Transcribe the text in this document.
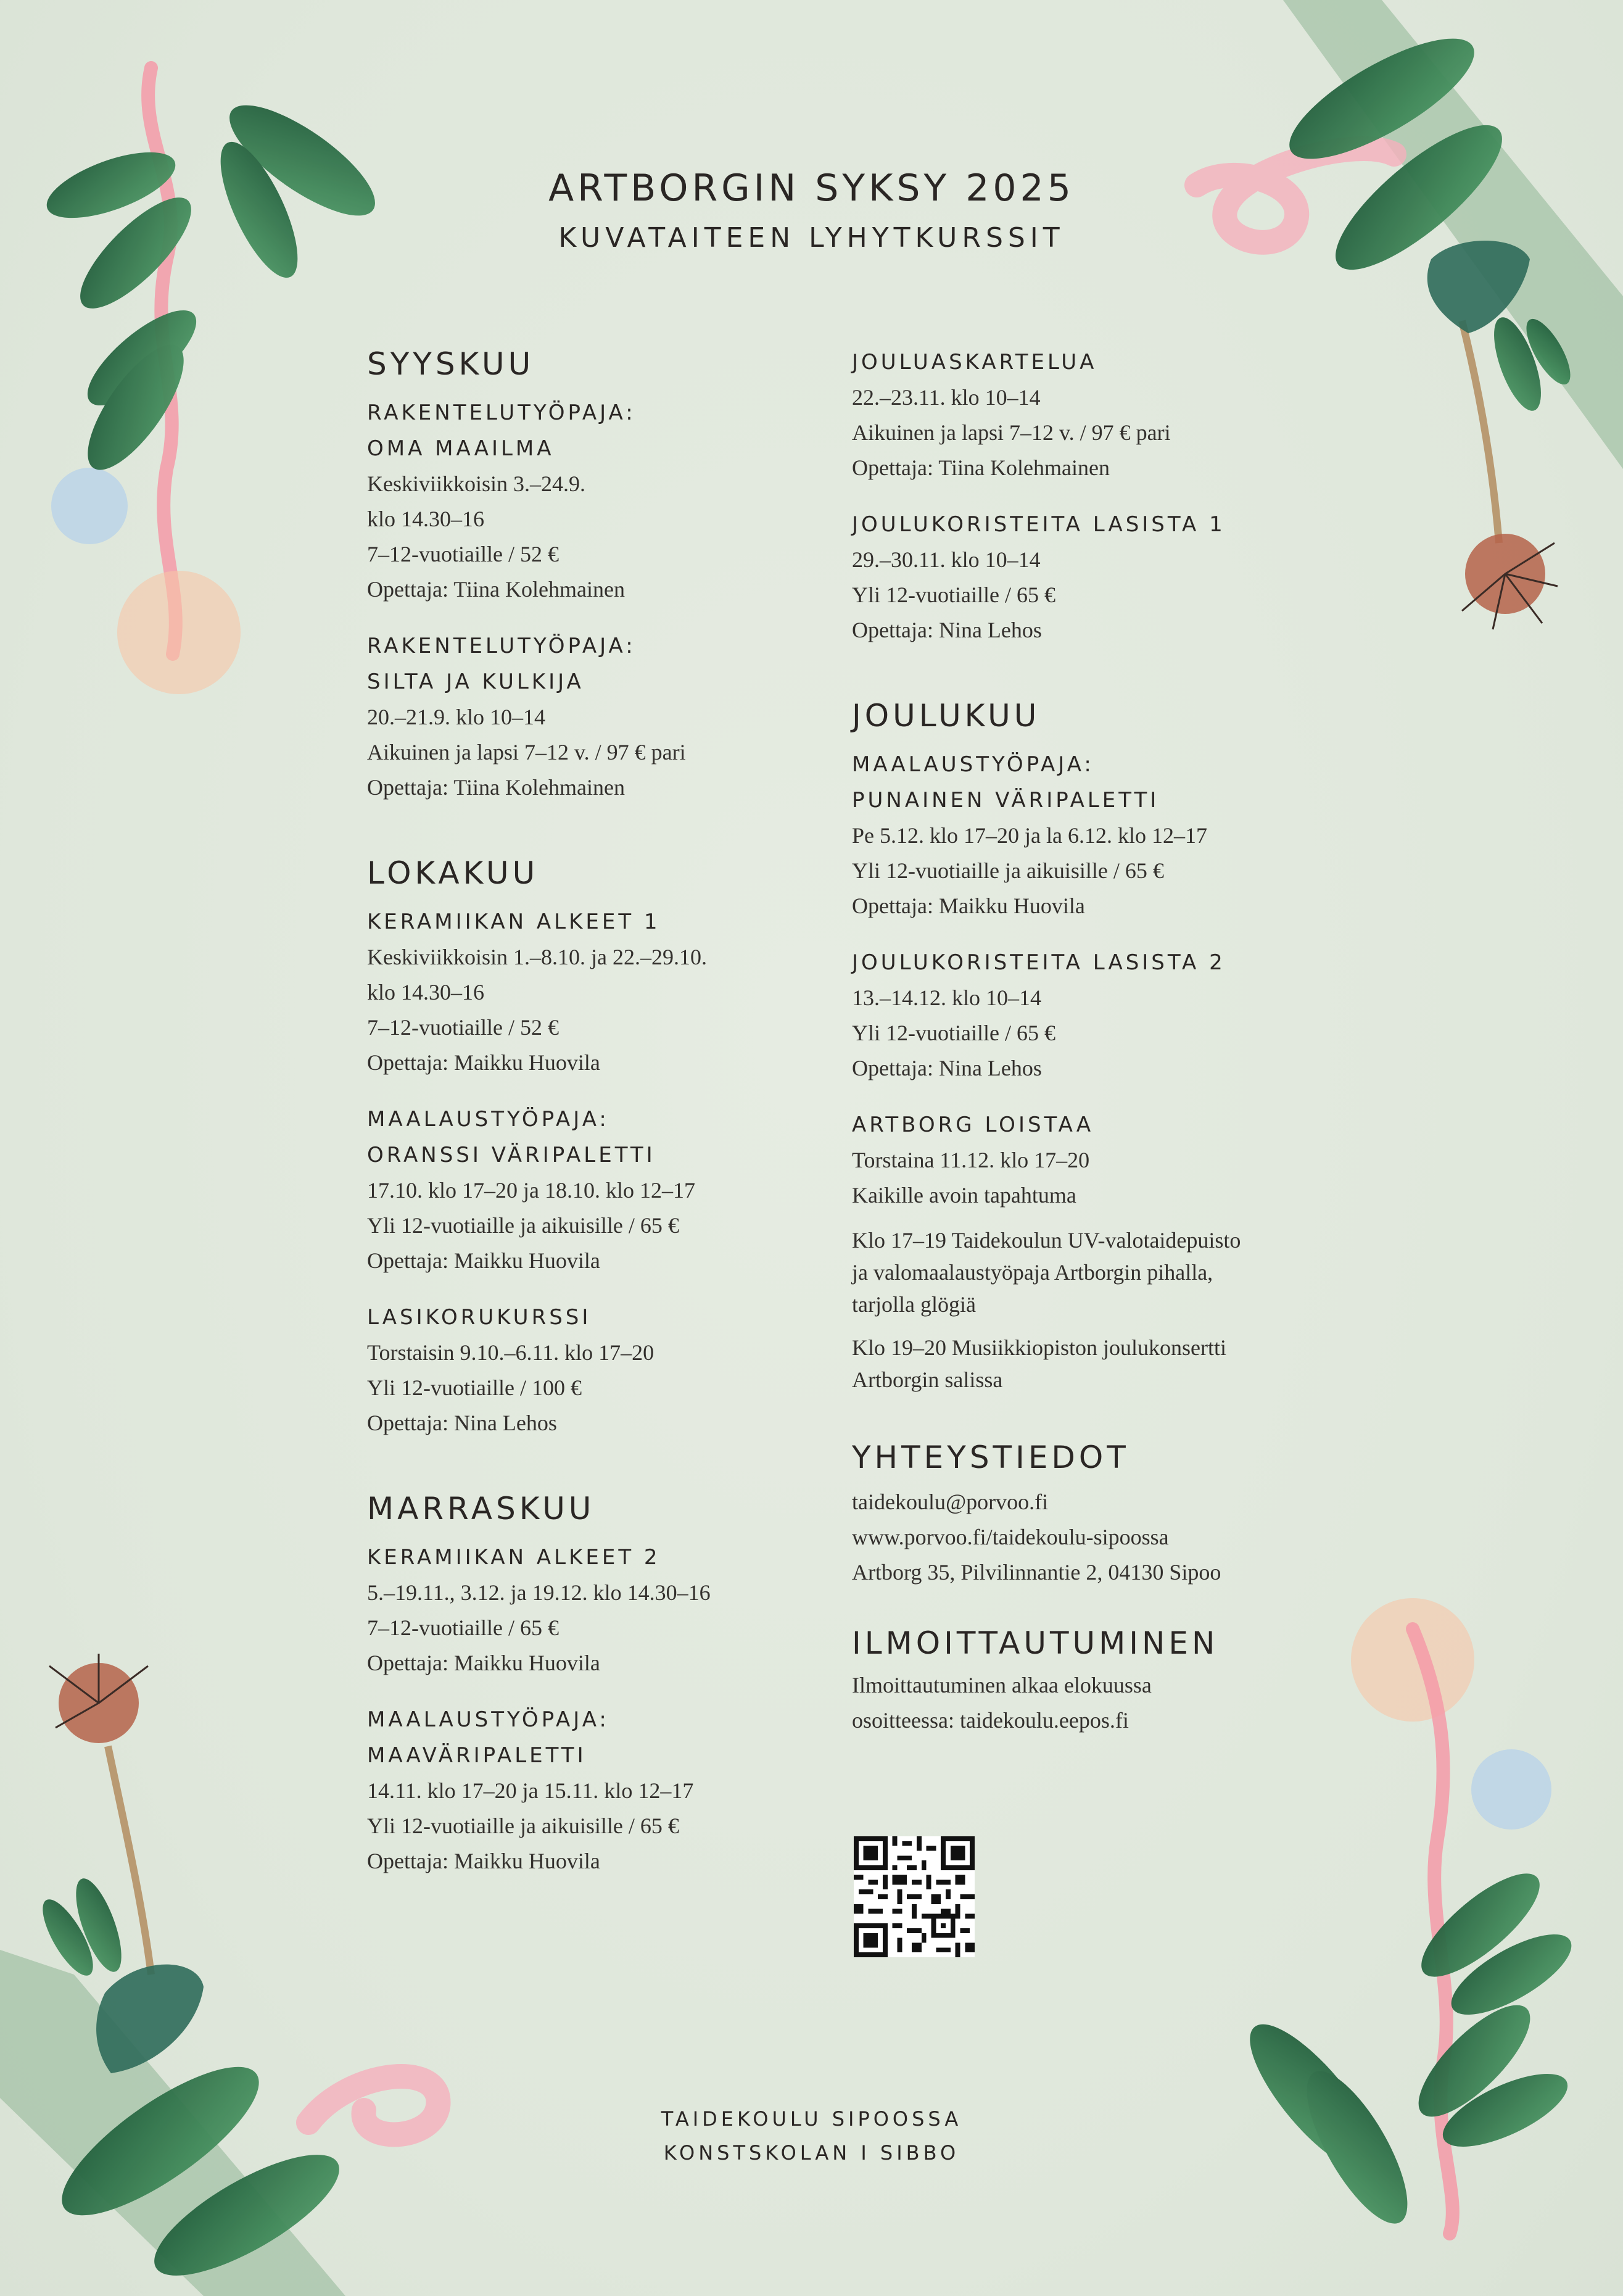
ARTBORGIN SYKSY 2025
KUVATAITEEN LYHYTKURSSIT
SYYSKUU
RAKENTELUTYÖPAJA:
OMA MAAILMA
Keskiviikkoisin 3.–24.9.
klo 14.30–16
7–12-vuotiaille / 52 €
Opettaja: Tiina Kolehmainen
RAKENTELUTYÖPAJA:
SILTA JA KULKIJA
20.–21.9. klo 10–14
Aikuinen ja lapsi 7–12 v. / 97 € pari
Opettaja: Tiina Kolehmainen
LOKAKUU
KERAMIIKAN ALKEET 1
Keskiviikkoisin 1.–8.10. ja 22.–29.10.
klo 14.30–16
7–12-vuotiaille / 52 €
Opettaja: Maikku Huovila
MAALAUSTYÖPAJA:
ORANSSI VÄRIPALETTI
17.10. klo 17–20 ja 18.10. klo 12–17
Yli 12-vuotiaille ja aikuisille / 65 €
Opettaja: Maikku Huovila
LASIKORUKURSSI
Torstaisin 9.10.–6.11. klo 17–20
Yli 12-vuotiaille / 100 €
Opettaja: Nina Lehos
MARRASKUU
KERAMIIKAN ALKEET 2
5.–19.11., 3.12. ja 19.12. klo 14.30–16
7–12-vuotiaille / 65 €
Opettaja: Maikku Huovila
MAALAUSTYÖPAJA:
MAAVÄRIPALETTI
14.11. klo 17–20 ja 15.11. klo 12–17
Yli 12-vuotiaille ja aikuisille / 65 €
Opettaja: Maikku Huovila
JOULUASKARTELUA
22.–23.11. klo 10–14
Aikuinen ja lapsi 7–12 v. / 97 € pari
Opettaja: Tiina Kolehmainen
JOULUKORISTEITA LASISTA 1
29.–30.11. klo 10–14
Yli 12-vuotiaille / 65 €
Opettaja: Nina Lehos
JOULUKUU
MAALAUSTYÖPAJA:
PUNAINEN VÄRIPALETTI
Pe 5.12. klo 17–20 ja la 6.12. klo 12–17
Yli 12-vuotiaille ja aikuisille / 65 €
Opettaja: Maikku Huovila
JOULUKORISTEITA LASISTA 2
13.–14.12. klo 10–14
Yli 12-vuotiaille / 65 €
Opettaja: Nina Lehos
ARTBORG LOISTAA
Torstaina 11.12. klo 17–20
Kaikille avoin tapahtuma
Klo 17–19 Taidekoulun UV-valotaidepuisto
ja valomaalaustyöpaja Artborgin pihalla,
tarjolla glögiä
Klo 19–20 Musiikkiopiston joulukonsertti
Artborgin salissa
YHTEYSTIEDOT
taidekoulu@porvoo.fi
www.porvoo.fi/taidekoulu-sipoossa
Artborg 35, Pilvilinnantie 2, 04130 Sipoo
ILMOITTAUTUMINEN
Ilmoittautuminen alkaa elokuussa
osoitteessa: taidekoulu.eepos.fi
TAIDEKOULU SIPOOSSA
KONSTSKOLAN I SIBBO
